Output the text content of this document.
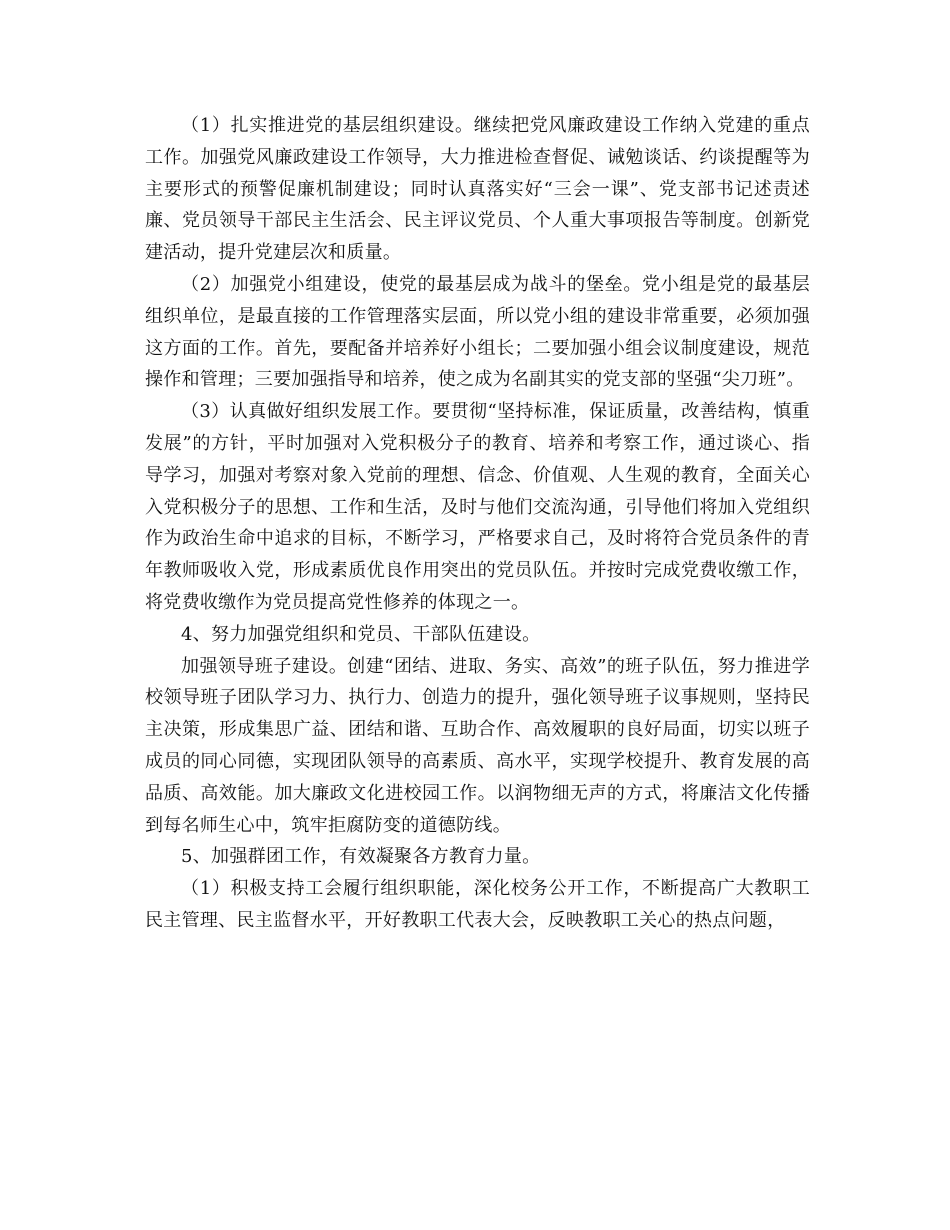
（1）扎实推进党的基层组织建设。继续把党风廉政建设工作纳入党建的重点工作。加强党风廉政建设工作领导，大力推进检查督促、诫勉谈话、约谈提醒等为主要形式的预警促廉机制建设；同时认真落实好“三会一课”、党支部书记述责述廉、党员领导干部民主生活会、民主评议党员、个人重大事项报告等制度。创新党建活动，提升党建层次和质量。

（2）加强党小组建设，使党的最基层成为战斗的堡垒。党小组是党的最基层组织单位，是最直接的工作管理落实层面，所以党小组的建设非常重要，必须加强这方面的工作。首先，要配备并培养好小组长；二要加强小组会议制度建设，规范操作和管理；三要加强指导和培养，使之成为名副其实的党支部的坚强“尖刀班”。

（3）认真做好组织发展工作。要贯彻“坚持标准，保证质量，改善结构，慎重发展”的方针，平时加强对入党积极分子的教育、培养和考察工作，通过谈心、指导学习，加强对考察对象入党前的理想、信念、价值观、人生观的教育，全面关心入党积极分子的思想、工作和生活，及时与他们交流沟通，引导他们将加入党组织作为政治生命中追求的目标，不断学习，严格要求自己，及时将符合党员条件的青年教师吸收入党，形成素质优良作用突出的党员队伍。并按时完成党费收缴工作，将党费收缴作为党员提高党性修养的体现之一。

4、努力加强党组织和党员、干部队伍建设。

加强领导班子建设。创建“团结、进取、务实、高效”的班子队伍，努力推进学校领导班子团队学习力、执行力、创造力的提升，强化领导班子议事规则，坚持民主决策，形成集思广益、团结和谐、互助合作、高效履职的良好局面，切实以班子成员的同心同德，实现团队领导的高素质、高水平，实现学校提升、教育发展的高品质、高效能。加大廉政文化进校园工作。以润物细无声的方式，将廉洁文化传播到每名师生心中，筑牢拒腐防变的道德防线。

5、加强群团工作，有效凝聚各方教育力量。

（1）积极支持工会履行组织职能，深化校务公开工作，不断提高广大教职工民主管理、民主监督水平，开好教职工代表大会，反映教职工关心的热点问题，
